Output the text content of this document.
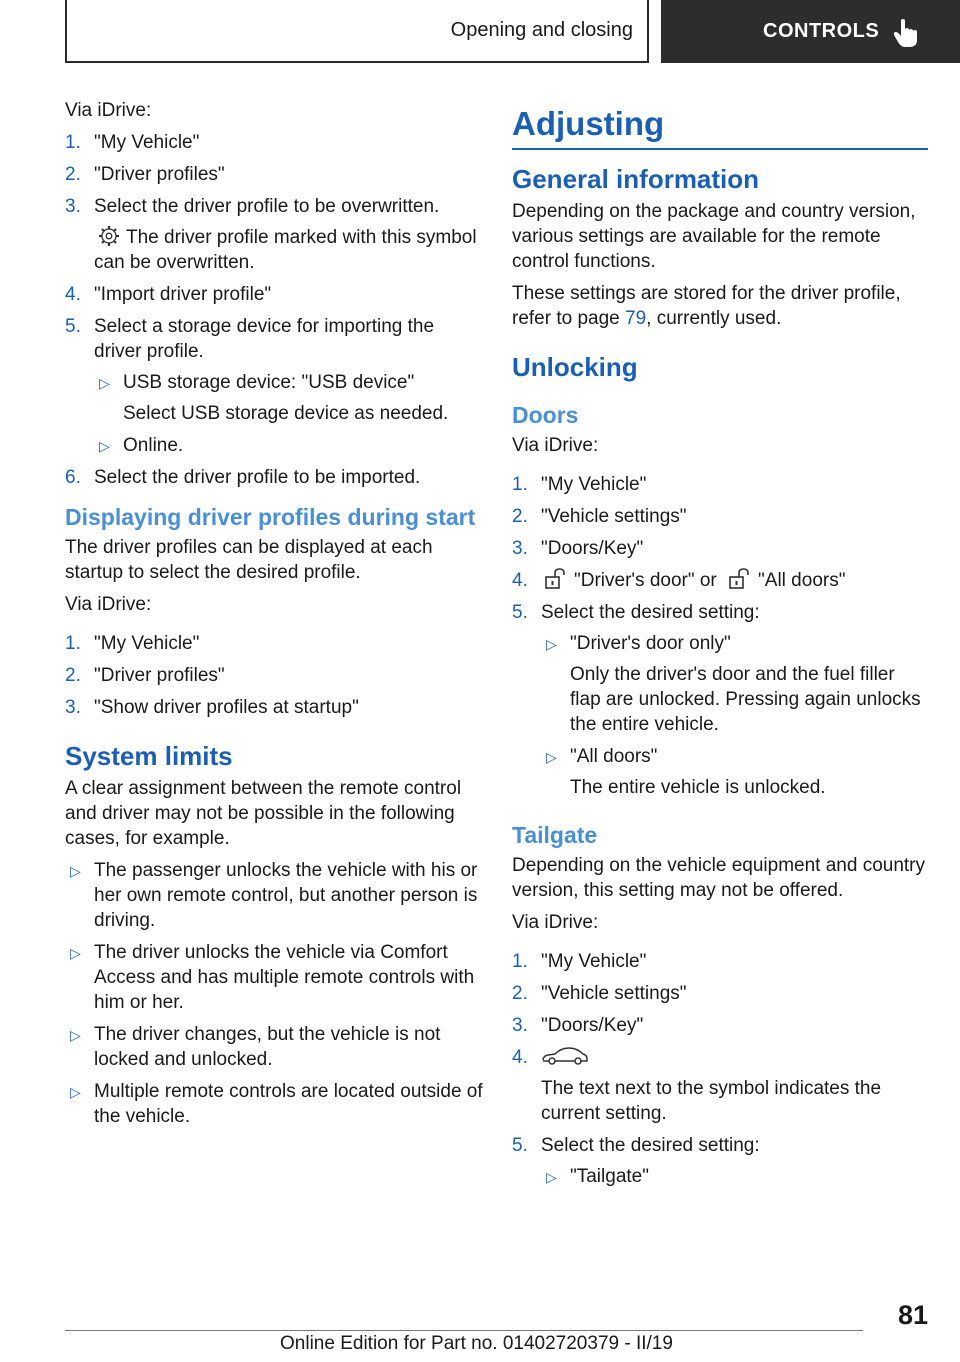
Opening and closing	CONTROLS

Via iDrive:

1. "My Vehicle"
2. "Driver profiles"
3. Select the driver profile to be overwritten.
The driver profile marked with this symbol can be overwritten.
4. "Import driver profile"
5. Select a storage device for importing the driver profile.
▷ USB storage device: "USB device"
Select USB storage device as needed.
▷ Online.
6. Select the driver profile to be imported.
Displaying driver profiles during start

The driver profiles can be displayed at each startup to select the desired profile.

Via iDrive:

1. "My Vehicle"
2. "Driver profiles"
3. "Show driver profiles at startup"
System limits

A clear assignment between the remote control and driver may not be possible in the following cases, for example.

▷ The passenger unlocks the vehicle with his or her own remote control, but another person is driving.
▷ The driver unlocks the vehicle via Comfort Access and has multiple remote controls with him or her.
▷ The driver changes, but the vehicle is not locked and unlocked.
▷ Multiple remote controls are located outside of the vehicle.
Adjusting
General information

Depending on the package and country version, various settings are available for the remote control functions.

These settings are stored for the driver profile, refer to page 79, currently used.

Unlocking
Doors

Via iDrive:

1. "My Vehicle"
2. "Vehicle settings"
3. "Doors/Key"
4. "Driver's door" or "All doors"
5. Select the desired setting:
▷ "Driver's door only"
Only the driver's door and the fuel filler flap are unlocked. Pressing again unlocks the entire vehicle.
▷ "All doors"
The entire vehicle is unlocked.
Tailgate

Depending on the vehicle equipment and country version, this setting may not be offered.

Via iDrive:

1. "My Vehicle"
2. "Vehicle settings"
3. "Doors/Key"
4.
The text next to the symbol indicates the current setting.
5. Select the desired setting:
▷ "Tailgate"
81
Online Edition for Part no. 01402720379 - II/19
